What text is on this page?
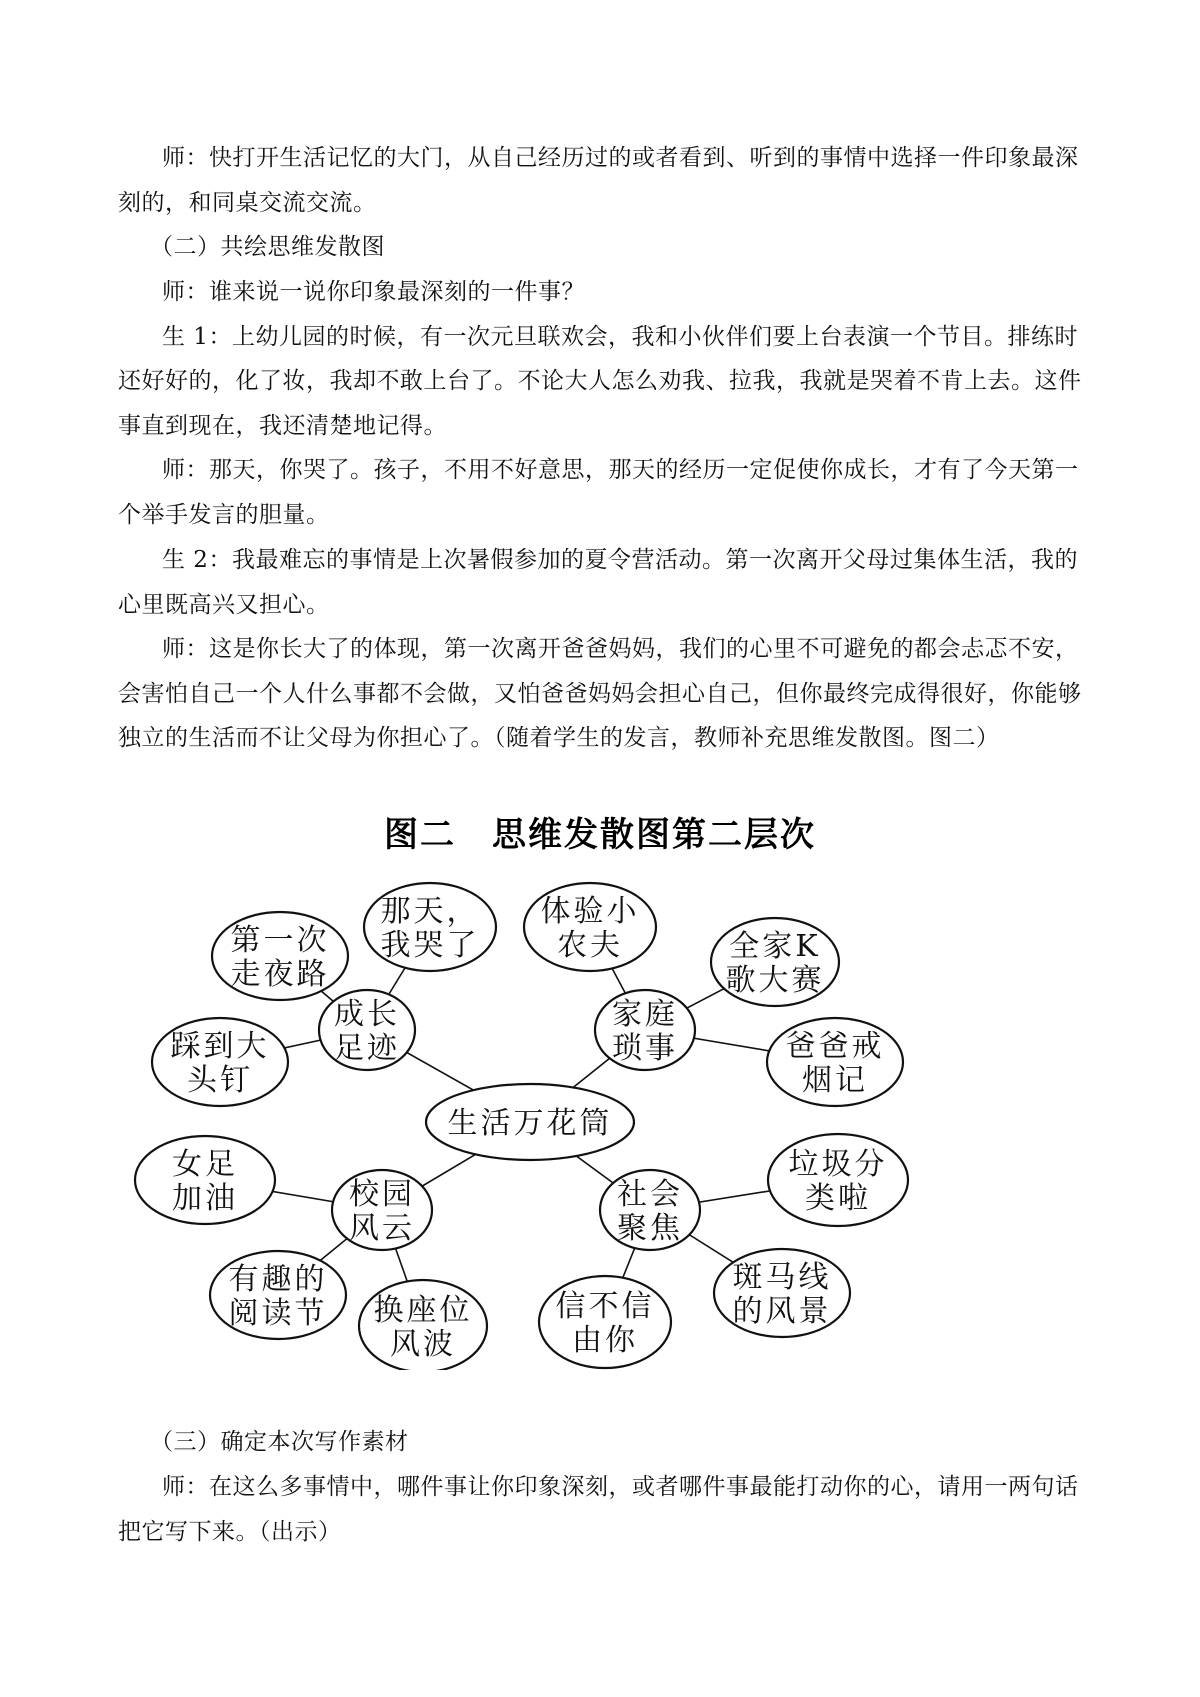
图二　思维发散图第二层次
生活万花筒
成长
足迹
第一次
走夜路
那天，
我哭了
踩到大
头钉
家庭
琐事
体验小
农夫	全家K
歌大赛
爸爸戒
烟记
校园
风云
女足
加油
有趣的
阅读节 换座位
风波
社会
聚焦
垃圾分
类啦
斑马线
的风景
信不信
由你
师：快打开生活记忆的大门，从自己经历过的或者看到、听到的事情中选择一件印象最深
刻的，和同桌交流交流。
（二）共绘思维发散图
师：谁来说一说你印象最深刻的一件事？
生 1：上幼儿园的时候，有一次元旦联欢会，我和小伙伴们要上台表演一个节目。排练时
还好好的，化了妆，我却不敢上台了。不论大人怎么劝我、拉我，我就是哭着不肯上去。这件
事直到现在，我还清楚地记得。
师：那天，你哭了。孩子，不用不好意思，那天的经历一定促使你成长，才有了今天第一
个举手发言的胆量。
生 2：我最难忘的事情是上次暑假参加的夏令营活动。第一次离开父母过集体生活，我的
心里既高兴又担心。
师：这是你长大了的体现，第一次离开爸爸妈妈，我们的心里不可避免的都会忐忑不安，
会害怕自己一个人什么事都不会做，又怕爸爸妈妈会担心自己，但你最终完成得很好，你能够
独立的生活而不让父母为你担心了。（随着学生的发言，教师补充思维发散图。图二）
（三）确定本次写作素材
师：在这么多事情中，哪件事让你印象深刻，或者哪件事最能打动你的心，请用一两句话
把它写下来。（出示）
